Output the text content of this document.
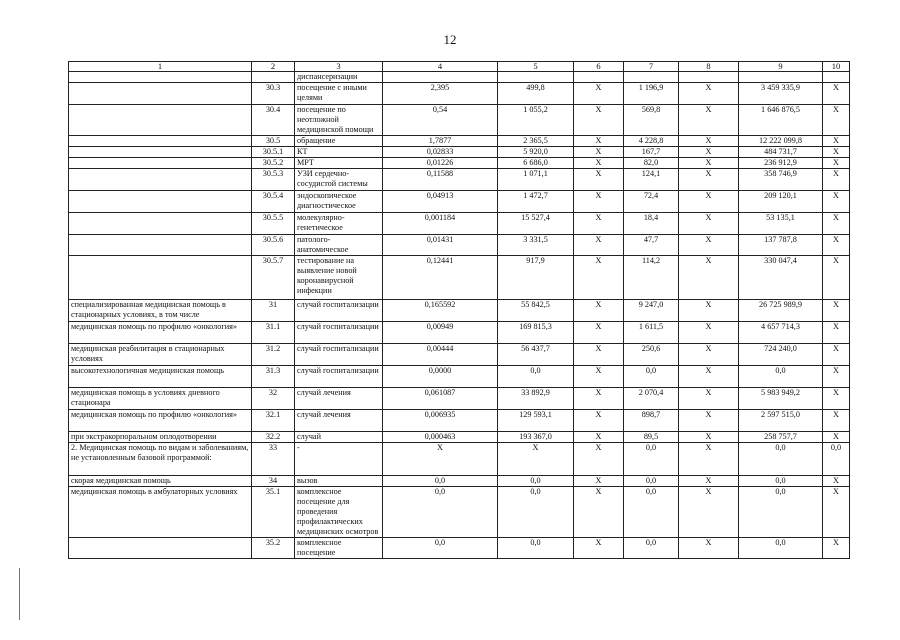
12
1	2	3	4	5	6	7	8	9	10
		диспансеризации							
	30.3	посещение с иными целями	2,395	499,8	X	1 196,9	X	3 459 335,9	X
	30.4	посещение по неотложной медицинской помощи	0,54	1 055,2	X	569,8	X	1 646 876,5	X
	30.5	обращение	1,7877	2 365,5	X	4 228,8	X	12 222 099,8	X
	30.5.1	КТ	0,02833	5 920,0	X	167,7	X	484 731,7	X
	30.5.2	МРТ	0,01226	6 686,0	X	82,0	X	236 912,9	X
	30.5.3	УЗИ сердечно-сосудистой системы	0,11588	1 071,1	X	124,1	X	358 746,9	X
	30.5.4	эндоскопическое диагностическое	0,04913	1 472,7	X	72,4	X	209 120,1	X
	30.5.5	молекулярно-генетическое	0,001184	15 527,4	X	18,4	X	53 135,1	X
	30.5.6	патолого-анатомическое	0,01431	3 331,5	X	47,7	X	137 787,8	X
	30.5.7	тестирование на выявление новой коронавирусной инфекции	0,12441	917,9	X	114,2	X	330 047,4	X
специализированная медицинская помощь в стационарных условиях, в том числе	31	случай госпитализации	0,165592	55 842,5	X	9 247,0	X	26 725 989,9	X
медицинская помощь по профилю «онкология»	31.1	случай госпитализации	0,00949	169 815,3	X	1 611,5	X	4 657 714,3	X
медицинская реабилитация в стационарных условиях	31.2	случай госпитализации	0,00444	56 437,7	X	250,6	X	724 240,0	X
высокотехнологичная медицинская помощь	31.3	случай госпитализации	0,0000	0,0	X	0,0	X	0,0	X
медицинская помощь в условиях дневного стационара	32	случай лечения	0,061087	33 892,9	X	2 070,4	X	5 983 949,2	X
медицинская помощь по профилю «онкология»	32.1	случай лечения	0,006935	129 593,1	X	898,7	X	2 597 515,0	X
при экстракорпоральном оплодотворении	32.2	случай	0,000463	193 367,0	X	89,5	X	258 757,7	X
2. Медицинская помощь по видам и заболеваниям, не установленным базовой программой:	33	-	X	X	X	0,0	X	0,0	0,0
скорая медицинская помощь	34	вызов	0,0	0,0	X	0,0	X	0,0	X
медицинская помощь в амбулаторных условиях	35.1	комплексное посещение для проведения профилактических медицинских осмотров	0,0	0,0	X	0,0	X	0,0	X
	35.2	комплексное посещение	0,0	0,0	X	0,0	X	0,0	X
